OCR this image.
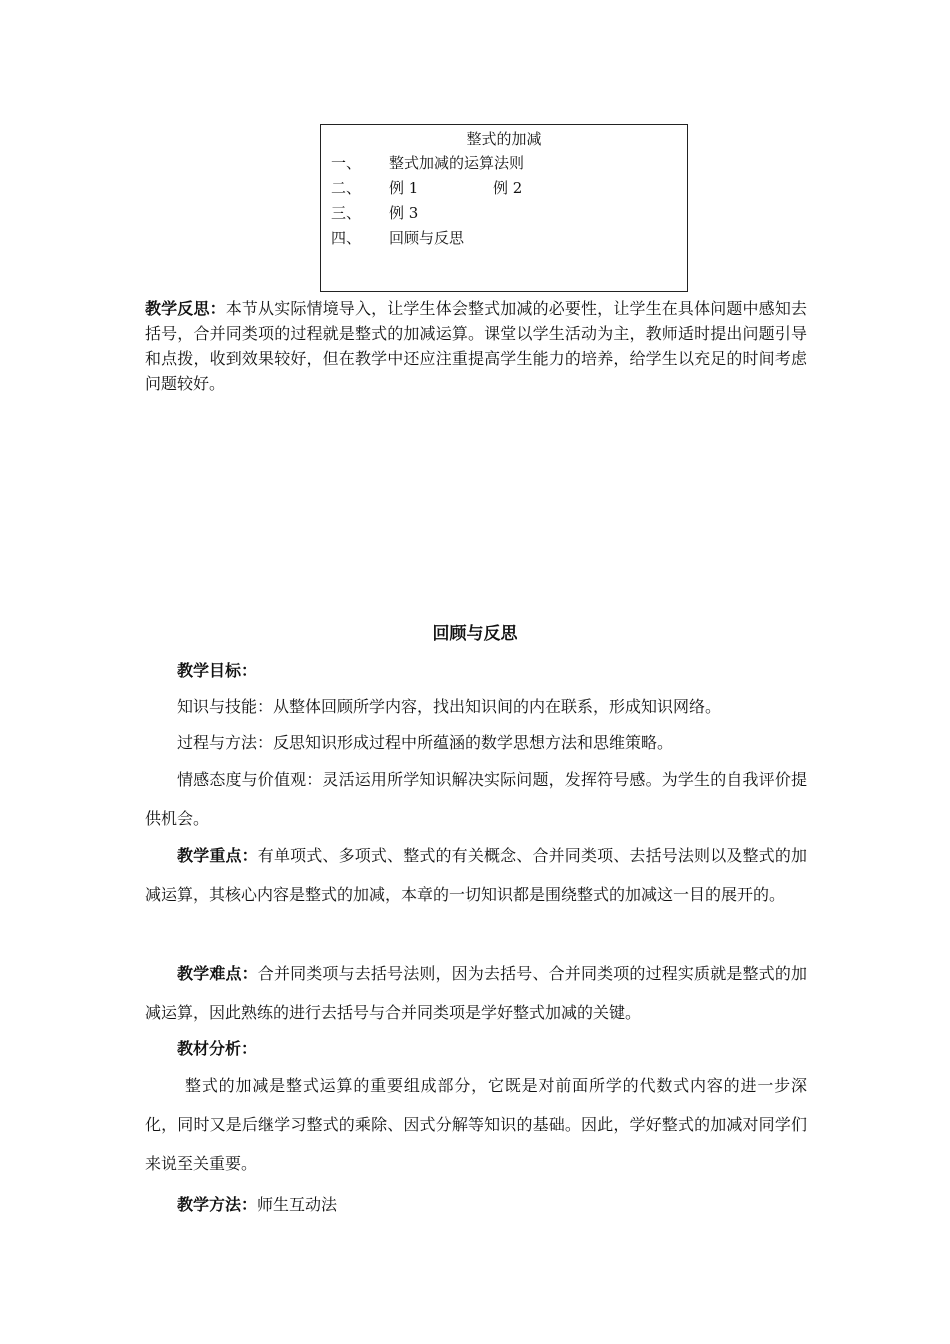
整式的加减
一、 整式加减的运算法则
二、 例 1	例 2
三、 例 3
四、 回顾与反思

教学反思：本节从实际情境导入，让学生体会整式加减的必要性，让学生在具体问题中感知去括号，合并同类项的过程就是整式的加减运算。课堂以学生活动为主，教师适时提出问题引导和点拨，收到效果较好，但在教学中还应注重提高学生能力的培养，给学生以充足的时间考虑问题较好。

回顾与反思

教学目标：

知识与技能：从整体回顾所学内容，找出知识间的内在联系，形成知识网络。

过程与方法：反思知识形成过程中所蕴涵的数学思想方法和思维策略。

情感态度与价值观：灵活运用所学知识解决实际问题，发挥符号感。为学生的自我评价提供机会。

教学重点：有单项式、多项式、整式的有关概念、合并同类项、去括号法则以及整式的加减运算，其核心内容是整式的加减，本章的一切知识都是围绕整式的加减这一目的展开的。

教学难点：合并同类项与去括号法则，因为去括号、合并同类项的过程实质就是整式的加减运算，因此熟练的进行去括号与合并同类项是学好整式加减的关键。

教材分析：

整式的加减是整式运算的重要组成部分，它既是对前面所学的代数式内容的进一步深化，同时又是后继学习整式的乘除、因式分解等知识的基础。因此，学好整式的加减对同学们来说至关重要。

教学方法：师生互动法
